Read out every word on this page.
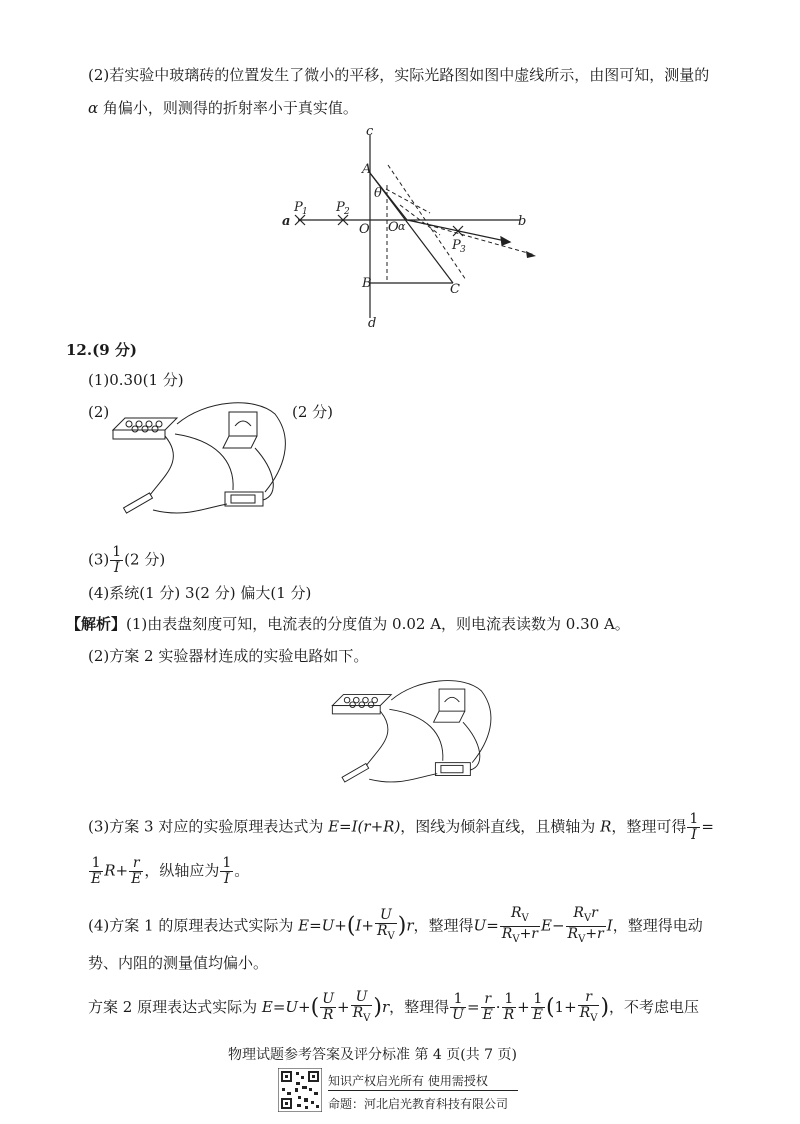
(2)若实验中玻璃砖的位置发生了微小的平移，实际光路图如图中虚线所示，由图可知，测量的
α 角偏小，则测得的折射率小于真实值。
c
d
A
B	C
O O
a	b
θ
α
P 1 P 2
P 3
12.(9 分)
(1)0.30(1 分)
(2)	(2 分)
$(3) \frac{1}{I} (2$ 分)
(4)系统(1 分) 3(2 分) 偏大(1 分)
【解析】(1)由表盘刻度可知，电流表的分度值为 0.02 A，则电流表读数为 0.30 A。
(2)方案 2 实验器材连成的实验电路如下。
(3)方案 3 对应的实验原理表达式为 E=I(r+R)，图线为倾斜直线，且横轴为 R，整理可得 $\frac{1}{I}$ =
$\frac{1}{E} R+ \frac{r}{E}$ ，纵轴应为 $\frac{1}{I}$ 。
(4)方案 1 的原理表达式实际为 $E=U+(I+ \frac{U}{R_V} )r$，整理得$U= \frac{R_V}{R_V+r} E- \frac{R_Vr}{R_V+r}$ I，整理得电动
势、内阻的测量值均偏小。
方案 2 原理表达式实际为 $E=U+( \frac{U}{R} + \frac{U}{R_V} )r$，整理得 $\frac{1}{U} = \frac{r}{E} \cdot \frac{1}{R} + \frac{1}{E} (1+ \frac{r}{R_V}$ )，不考虑电压
物理试题参考答案及评分标准 第 4 页(共 7 页)
知识产权启光所有 使用需授权
命题：河北启光教育科技有限公司
